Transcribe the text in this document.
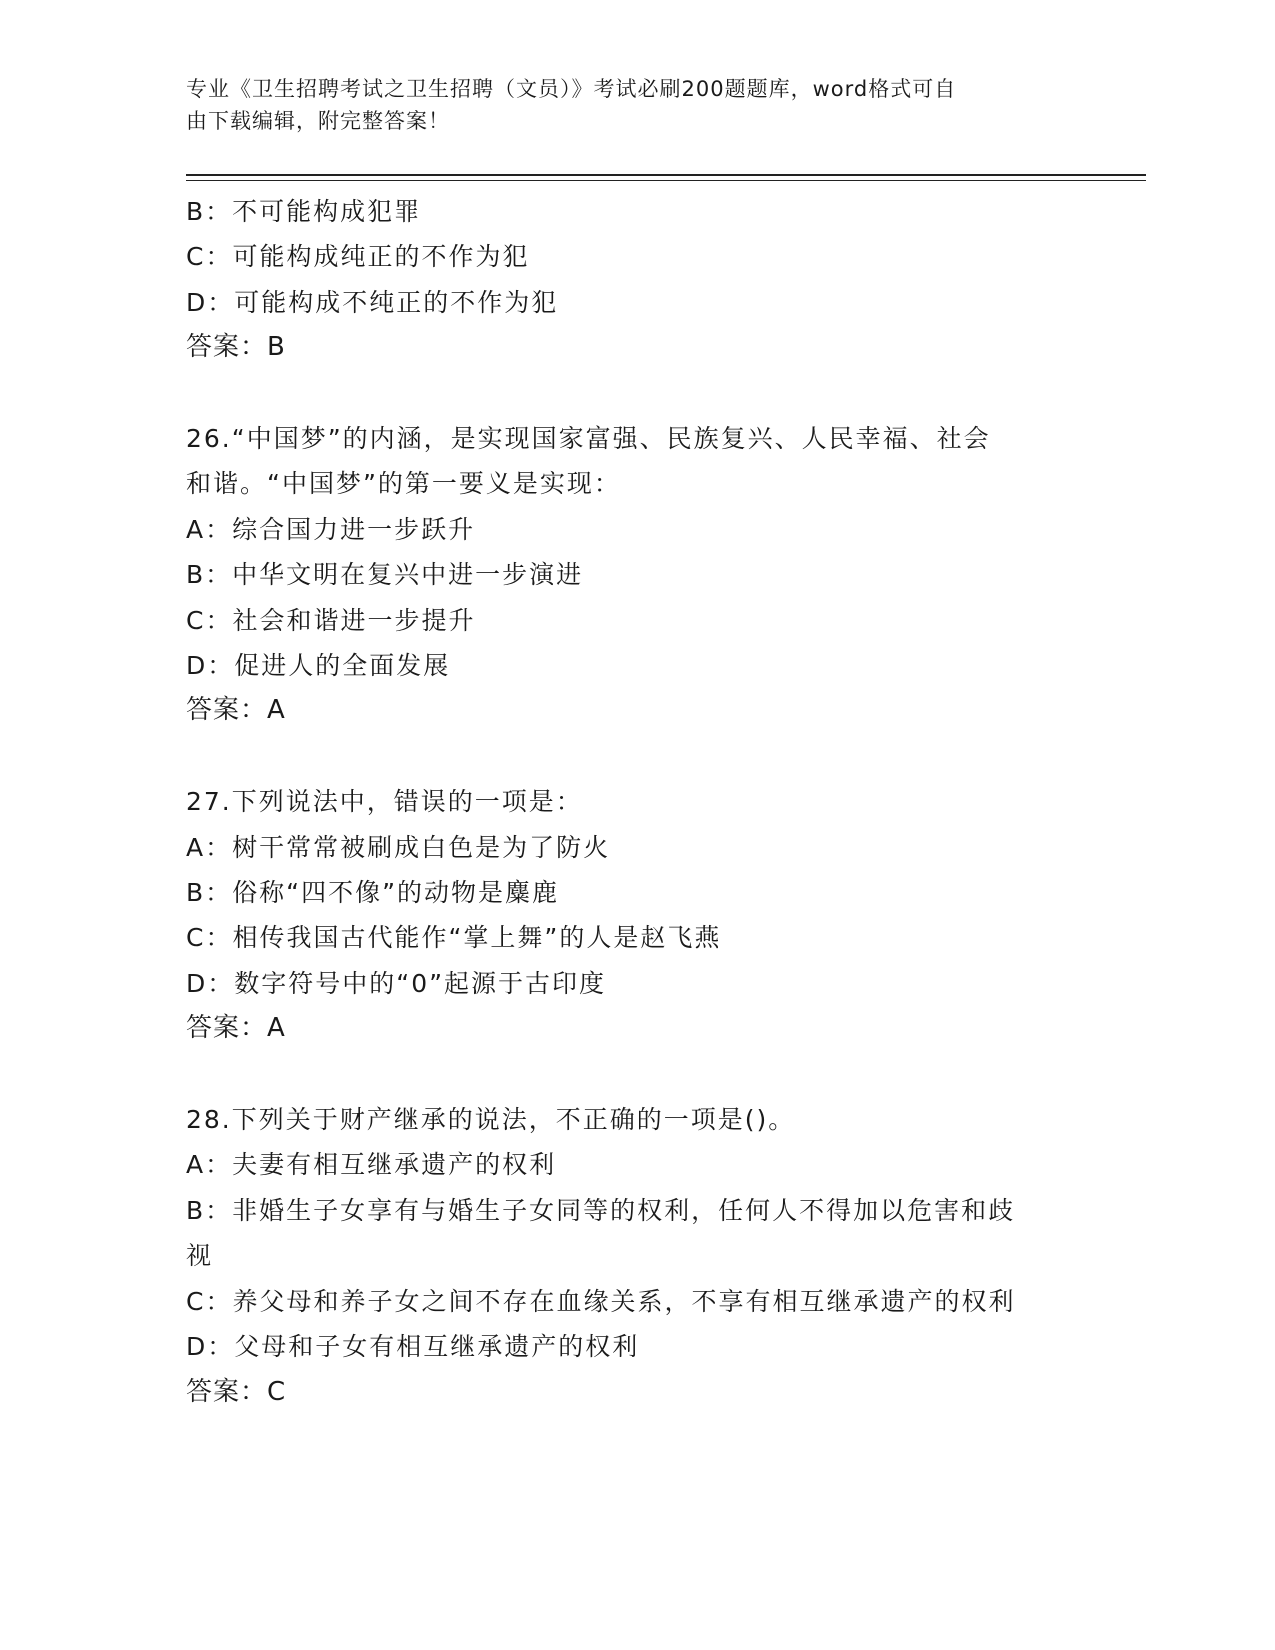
专业《卫生招聘考试之卫生招聘（文员）》考试必刷200题题库，word格式可自
由下载编辑，附完整答案！
B：不可能构成犯罪
C：可能构成纯正的不作为犯
D：可能构成不纯正的不作为犯
答案：B
26.“中国梦”的内涵，是实现国家富强、民族复兴、人民幸福、社会
和谐。“中国梦”的第一要义是实现：
A：综合国力进一步跃升
B：中华文明在复兴中进一步演进
C：社会和谐进一步提升
D：促进人的全面发展
答案：A
27.下列说法中，错误的一项是：
A：树干常常被刷成白色是为了防火
B：俗称“四不像”的动物是麋鹿
C：相传我国古代能作“掌上舞”的人是赵飞燕
D：数字符号中的“0”起源于古印度
答案：A
28.下列关于财产继承的说法，不正确的一项是()。
A：夫妻有相互继承遗产的权利
B：非婚生子女享有与婚生子女同等的权利，任何人不得加以危害和歧
视
C：养父母和养子女之间不存在血缘关系，不享有相互继承遗产的权利
D：父母和子女有相互继承遗产的权利
答案：C
